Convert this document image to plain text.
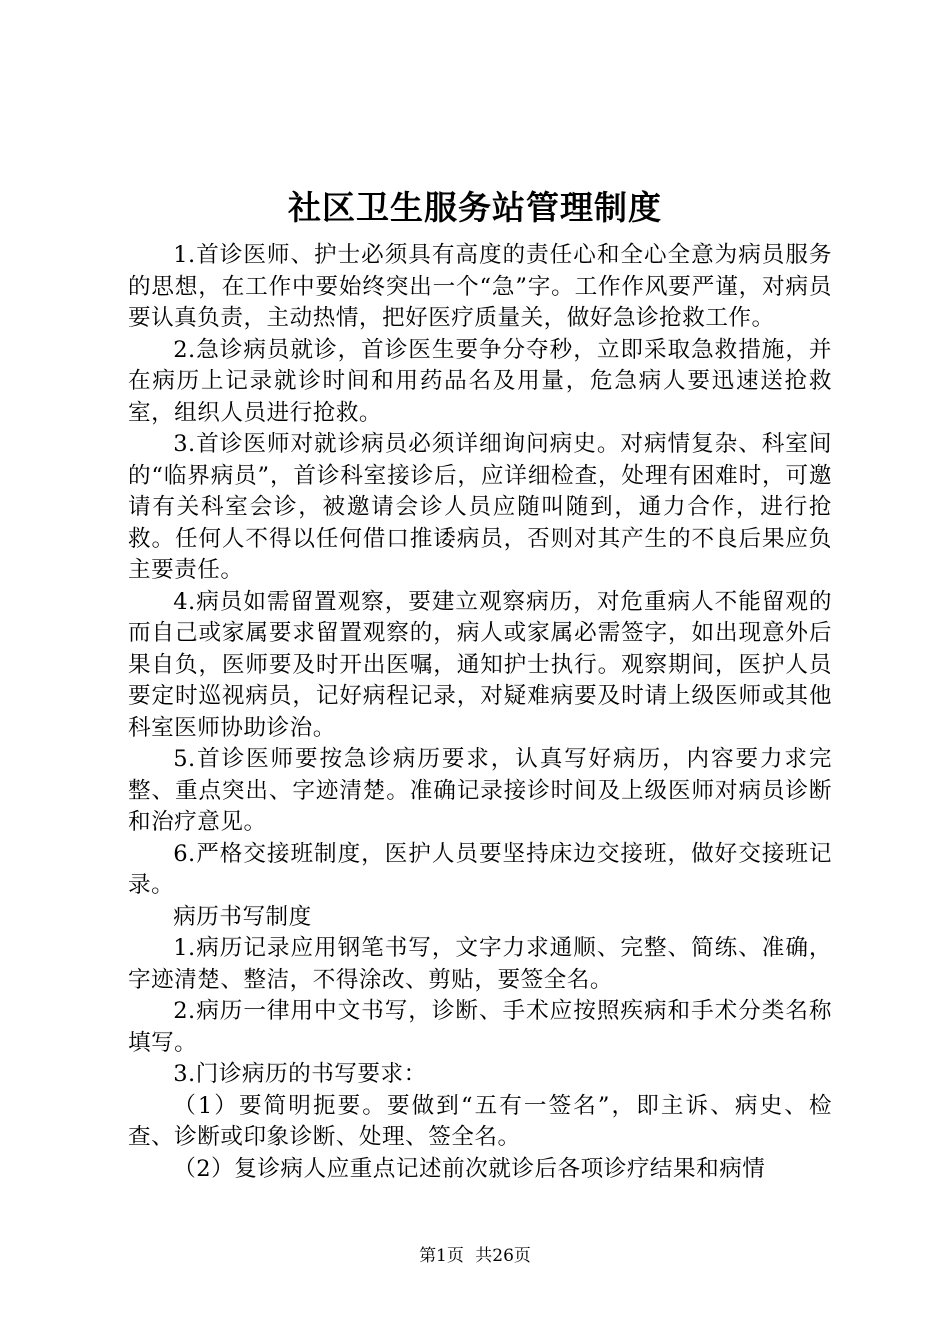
社区卫生服务站管理制度

1.首诊医师、护士必须具有高度的责任心和全心全意为病员服务的思想，在工作中要始终突出一个“急”字。工作作风要严谨，对病员要认真负责，主动热情，把好医疗质量关，做好急诊抢救工作。

2.急诊病员就诊，首诊医生要争分夺秒，立即采取急救措施，并在病历上记录就诊时间和用药品名及用量，危急病人要迅速送抢救室，组织人员进行抢救。

3.首诊医师对就诊病员必须详细询问病史。对病情复杂、科室间的“临界病员”，首诊科室接诊后，应详细检查，处理有困难时，可邀请有关科室会诊，被邀请会诊人员应随叫随到，通力合作，进行抢救。任何人不得以任何借口推诿病员，否则对其产生的不良后果应负主要责任。

4.病员如需留置观察，要建立观察病历，对危重病人不能留观的而自己或家属要求留置观察的，病人或家属必需签字，如出现意外后果自负，医师要及时开出医嘱，通知护士执行。观察期间，医护人员要定时巡视病员，记好病程记录，对疑难病要及时请上级医师或其他科室医师协助诊治。

5.首诊医师要按急诊病历要求，认真写好病历，内容要力求完整、重点突出、字迹清楚。准确记录接诊时间及上级医师对病员诊断和治疗意见。

6.严格交接班制度，医护人员要坚持床边交接班，做好交接班记录。

病历书写制度

1.病历记录应用钢笔书写，文字力求通顺、完整、简练、准确，字迹清楚、整洁，不得涂改、剪贴，要签全名。

2.病历一律用中文书写，诊断、手术应按照疾病和手术分类名称填写。

3.门诊病历的书写要求：

（1）要简明扼要。要做到“五有一签名”，即主诉、病史、检查、诊断或印象诊断、处理、签全名。

（2）复诊病人应重点记述前次就诊后各项诊疗结果和病情

第1页 共26页
